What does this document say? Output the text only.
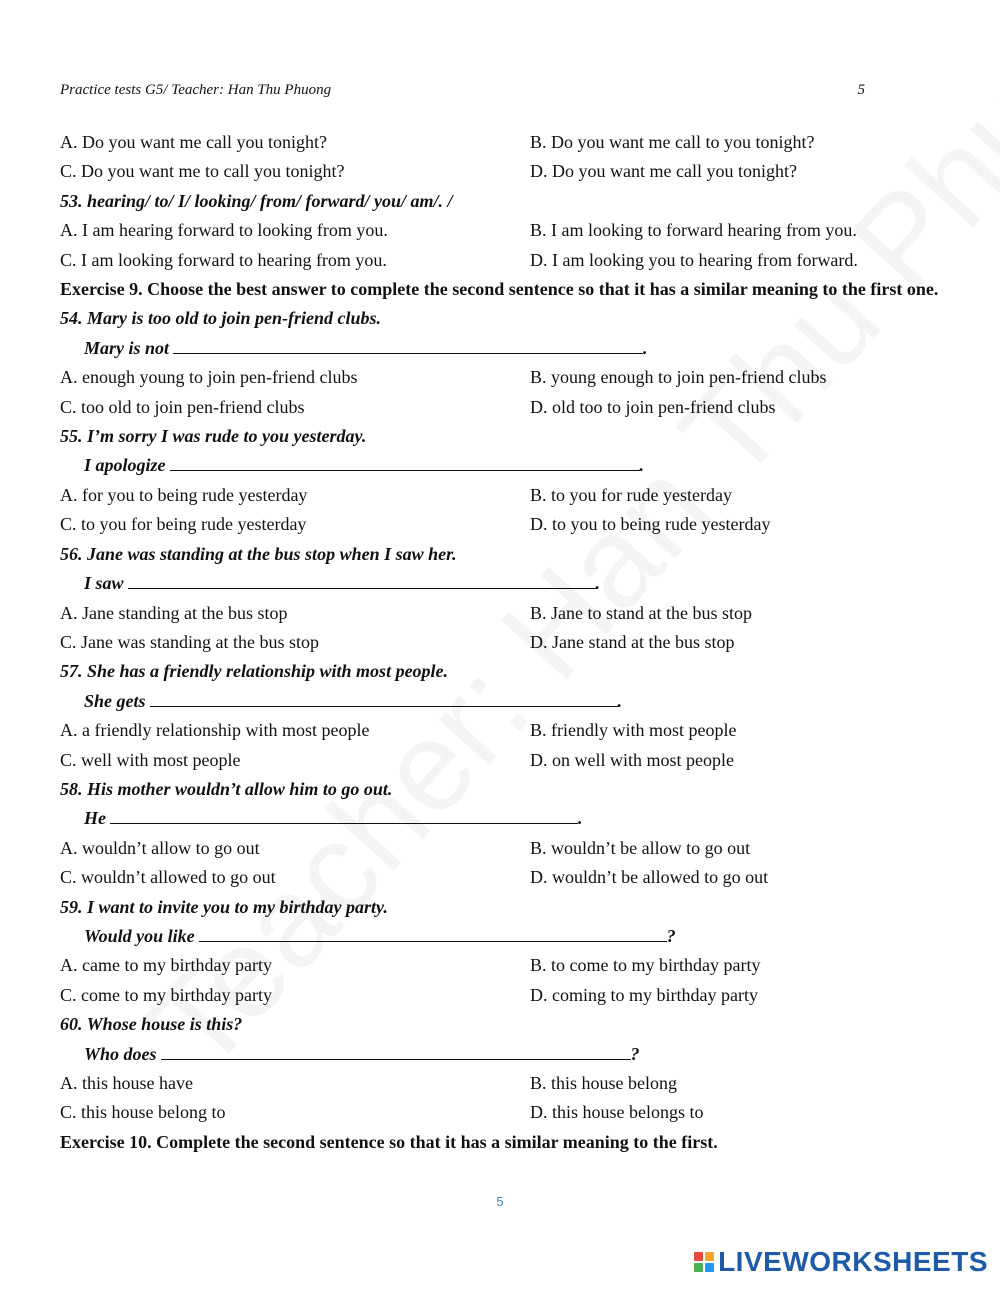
Practice tests G5/ Teacher: Han Thu Phuong	5
A. Do you want me call you tonight?	B. Do you want me call to you tonight?
C. Do you want me to call you tonight?	D. Do you want me call you tonight?
53. hearing/ to/ I/ looking/ from/ forward/ you/ am/. /
A. I am hearing forward to looking from you.	B. I am looking to forward hearing from you.
C. I am looking forward to hearing from you.	D. I am looking you to hearing from forward.
Exercise 9. Choose the best answer to complete the second sentence so that it has a similar meaning to the first one.
54. Mary is too old to join pen-friend clubs.
Mary is not	.
A. enough young to join pen-friend clubs	B. young enough to join pen-friend clubs
C. too old to join pen-friend clubs	D. old too to join pen-friend clubs
55. I’m sorry I was rude to you yesterday.
I apologize	.
A. for you to being rude yesterday	B. to you for rude yesterday
C. to you for being rude yesterday	D. to you to being rude yesterday
56. Jane was standing at the bus stop when I saw her.
I saw	.
A. Jane standing at the bus stop	B. Jane to stand at the bus stop
C. Jane was standing at the bus stop	D. Jane stand at the bus stop
57. She has a friendly relationship with most people.
She gets	.
A. a friendly relationship with most people	B. friendly with most people
C. well with most people	D. on well with most people
58. His mother wouldn’t allow him to go out.
He	.
A. wouldn’t allow to go out	B. wouldn’t be allow to go out
C. wouldn’t allowed to go out	D. wouldn’t be allowed to go out
59. I want to invite you to my birthday party.
Would you like	?
A. came to my birthday party	B. to come to my birthday party
C. come to my birthday party	D. coming to my birthday party
60. Whose house is this?
Who does	?
A. this house have	B. this house belong
C. this house belong to	D. this house belongs to
Exercise 10. Complete the second sentence so that it has a similar meaning to the first.
5
LIVEWORKSHEETS
